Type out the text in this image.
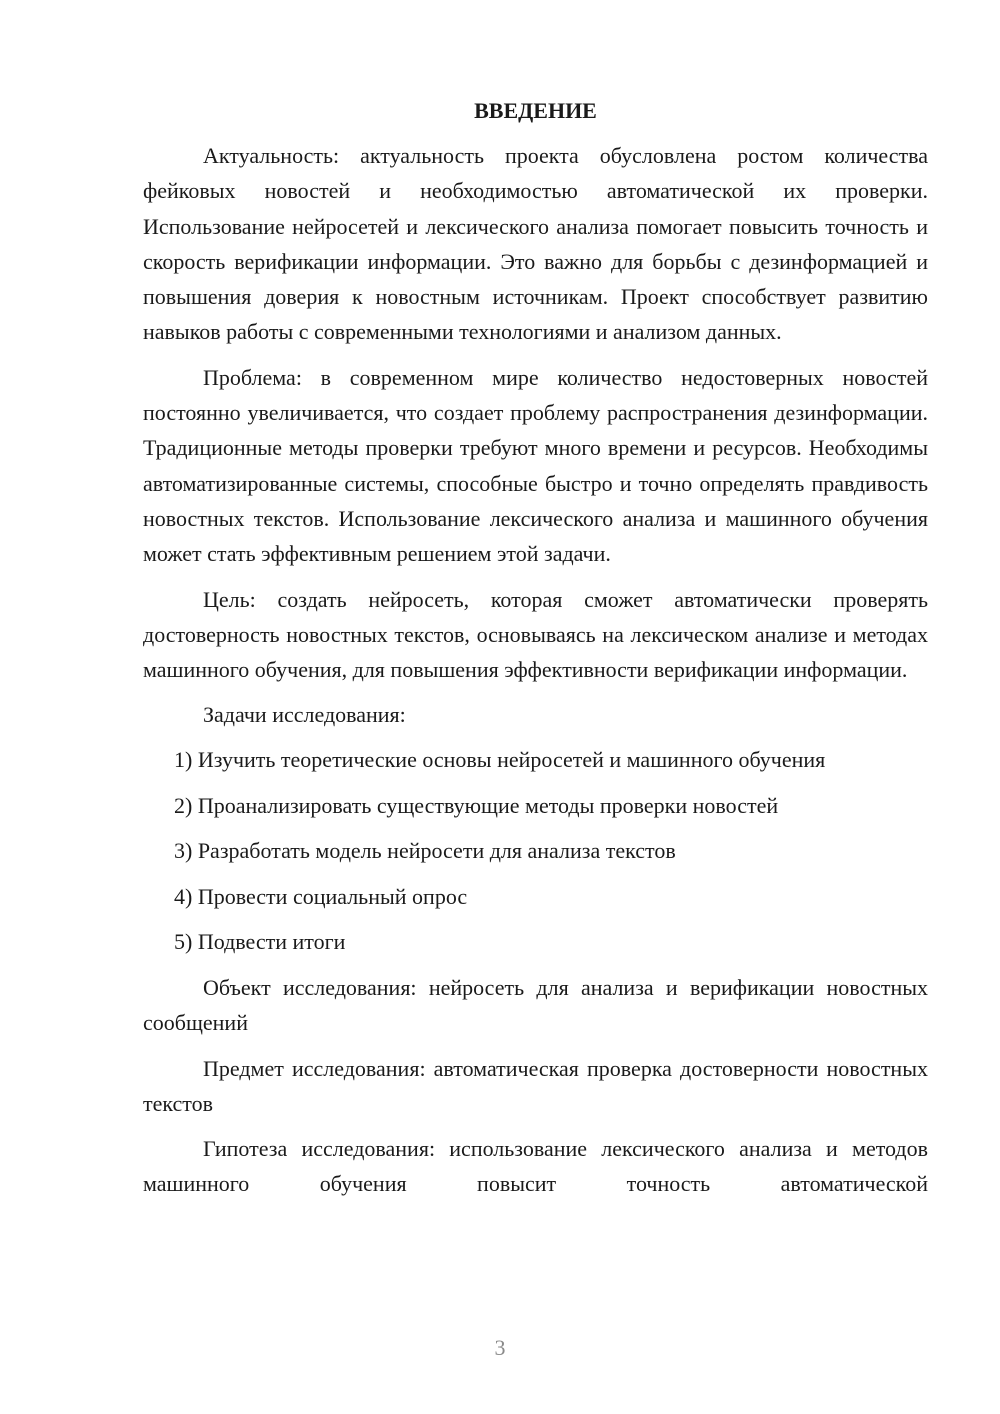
ВВЕДЕНИЕ

Актуальность: актуальность проекта обусловлена ростом количества фейковых новостей и необходимостью автоматической их проверки. Использование нейросетей и лексического анализа помогает повысить точность и скорость верификации информации. Это важно для борьбы с дезинформацией и повышения доверия к новостным источникам. Проект способствует развитию навыков работы с современными технологиями и анализом данных.

Проблема: в современном мире количество недостоверных новостей постоянно увеличивается, что создает проблему распространения дезинформации. Традиционные методы проверки требуют много времени и ресурсов. Необходимы автоматизированные системы, способные быстро и точно определять правдивость новостных текстов. Использование лексического анализа и машинного обучения может стать эффективным решением этой задачи.

Цель: создать нейросеть, которая сможет автоматически проверять достоверность новостных текстов, основываясь на лексическом анализе и методах машинного обучения, для повышения эффективности верификации информации.

Задачи исследования:

1) Изучить теоретические основы нейросетей и машинного обучения
2) Проанализировать существующие методы проверки новостей
3) Разработать модель нейросети для анализа текстов
4) Провести социальный опрос
5) Подвести итоги

Объект исследования: нейросеть для анализа и верификации новостных сообщений

Предмет исследования: автоматическая проверка достоверности новостных текстов

Гипотеза исследования: использование лексического анализа и методов машинного обучения повысит точность автоматической

3
